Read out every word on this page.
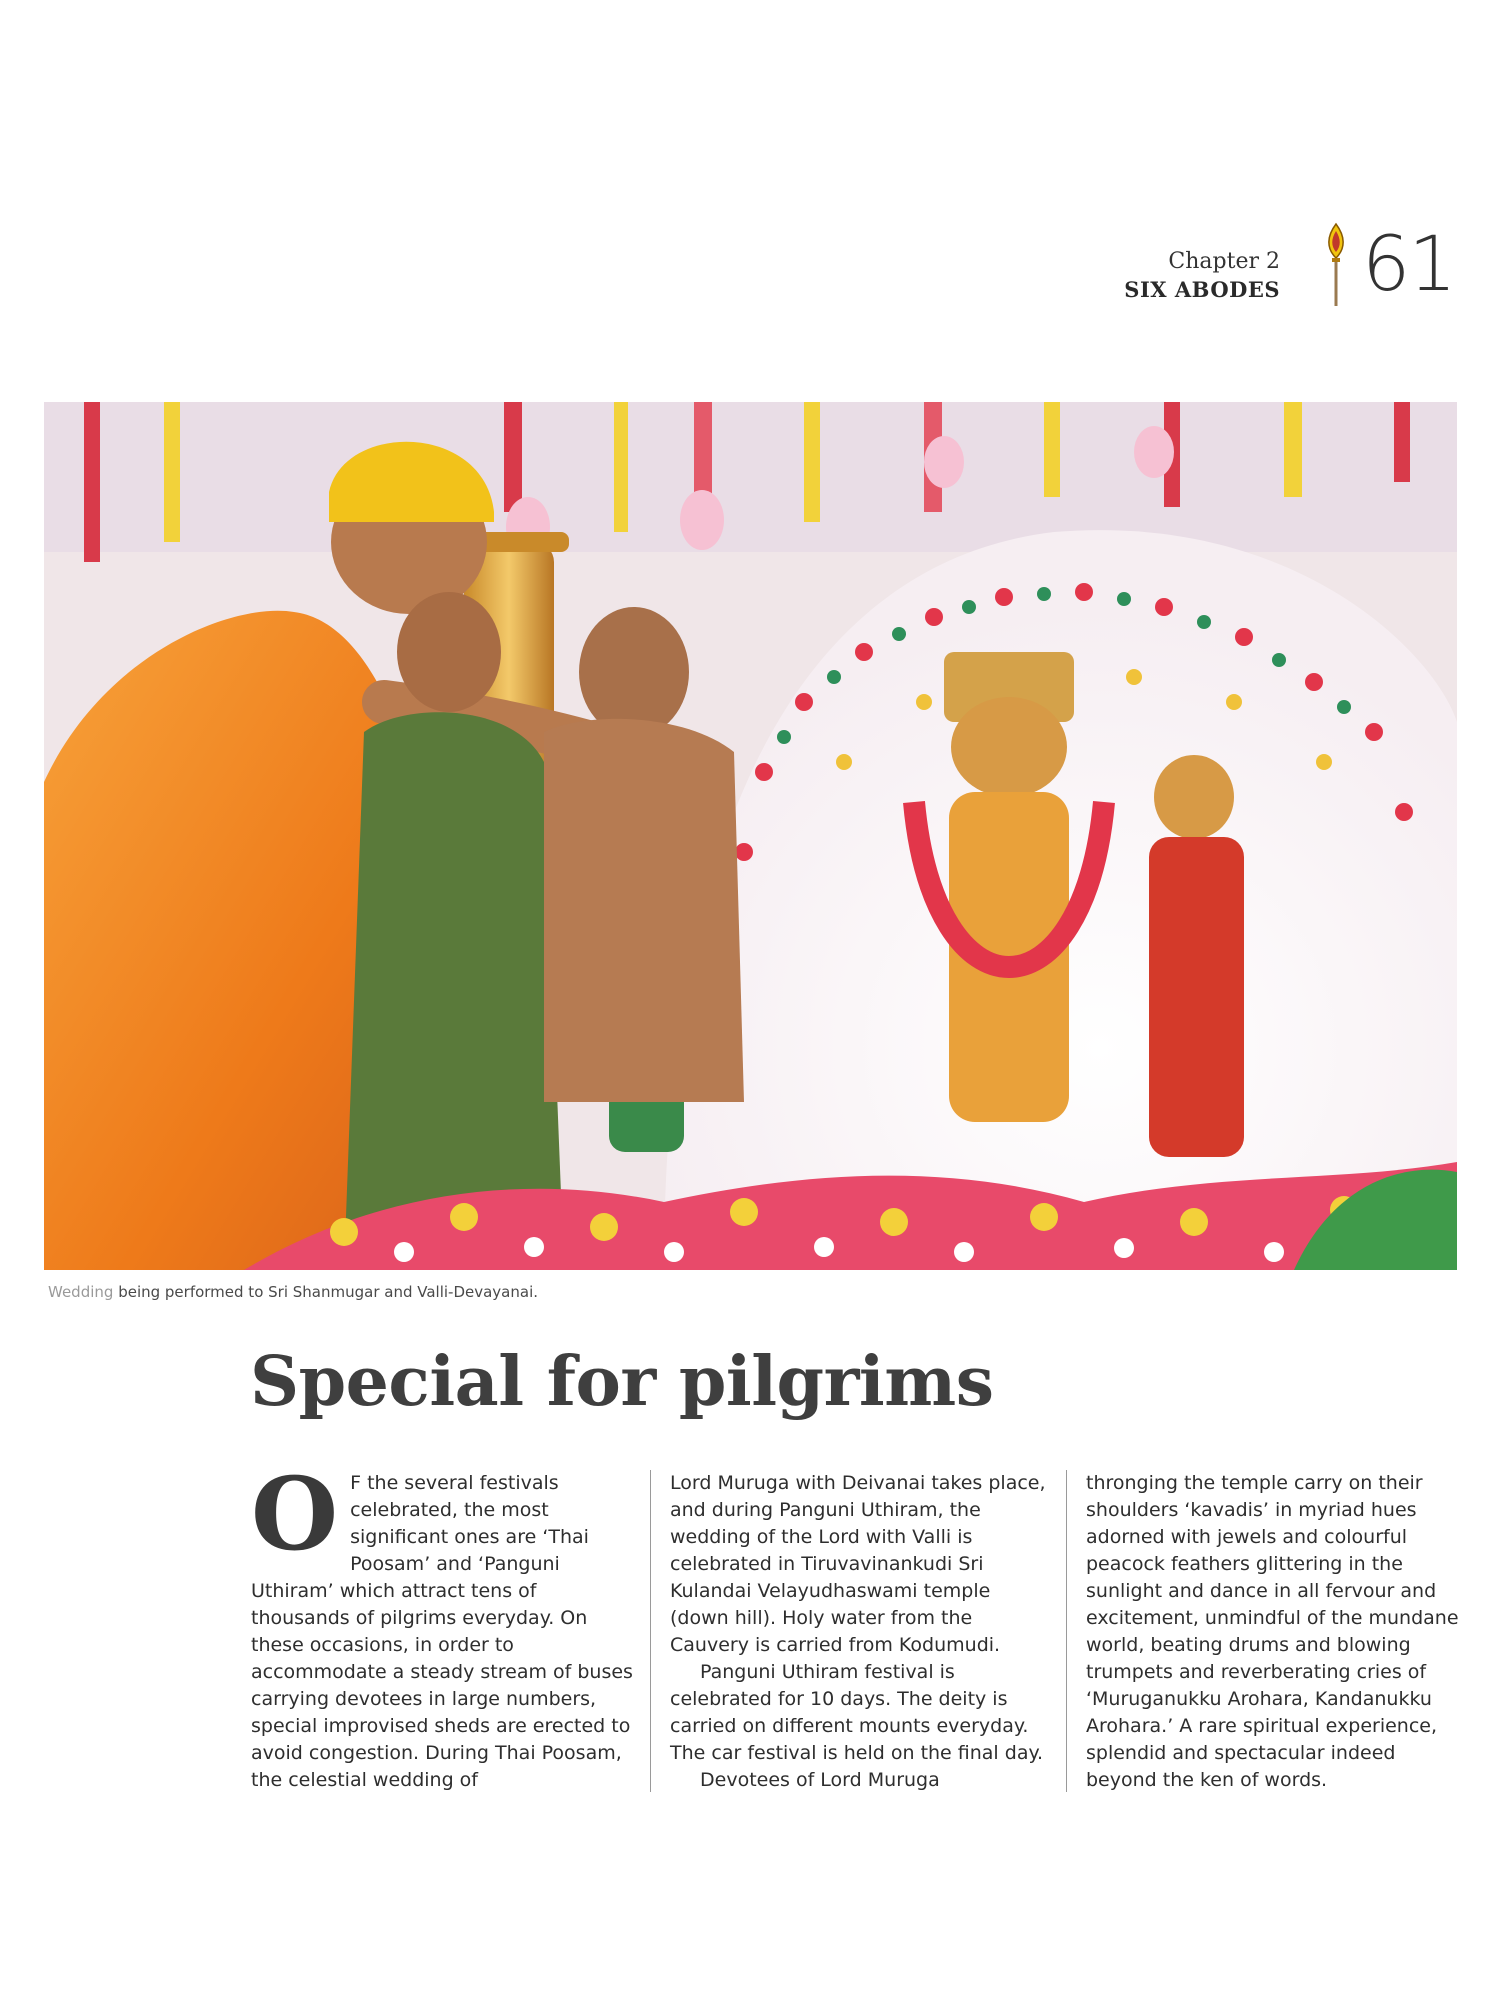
Chapter 2
SIX ABODES 61
Wedding being performed to Sri Shanmugar and Valli-Devayanai.
Special for pilgrims

O F the several festivals celebrated, the most significant ones are ‘Thai Poosam’ and ‘Panguni Uthiram’ which attract tens of thousands of pilgrims everyday. On these occasions, in order to accommodate a steady stream of buses carrying devotees in large numbers, special improvised sheds are erected to avoid congestion. During Thai Poosam, the celestial wedding of

Lord Muruga with Deivanai takes place, and during Panguni Uthiram, the wedding of the Lord with Valli is celebrated in Tiruvavinankudi Sri Kulandai Velayudhaswami temple (down hill). Holy water from the Cauvery is carried from Kodumudi.

Panguni Uthiram festival is celebrated for 10 days. The deity is carried on different mounts everyday. The car festival is held on the final day.

Devotees of Lord Muruga

thronging the temple carry on their shoulders ‘kavadis’ in myriad hues adorned with jewels and colourful peacock feathers glittering in the sunlight and dance in all fervour and excitement, unmindful of the mundane world, beating drums and blowing trumpets and reverberating cries of ‘Muruganukku Arohara, Kandanukku Arohara.’ A rare spiritual experience, splendid and spectacular indeed beyond the ken of words.
